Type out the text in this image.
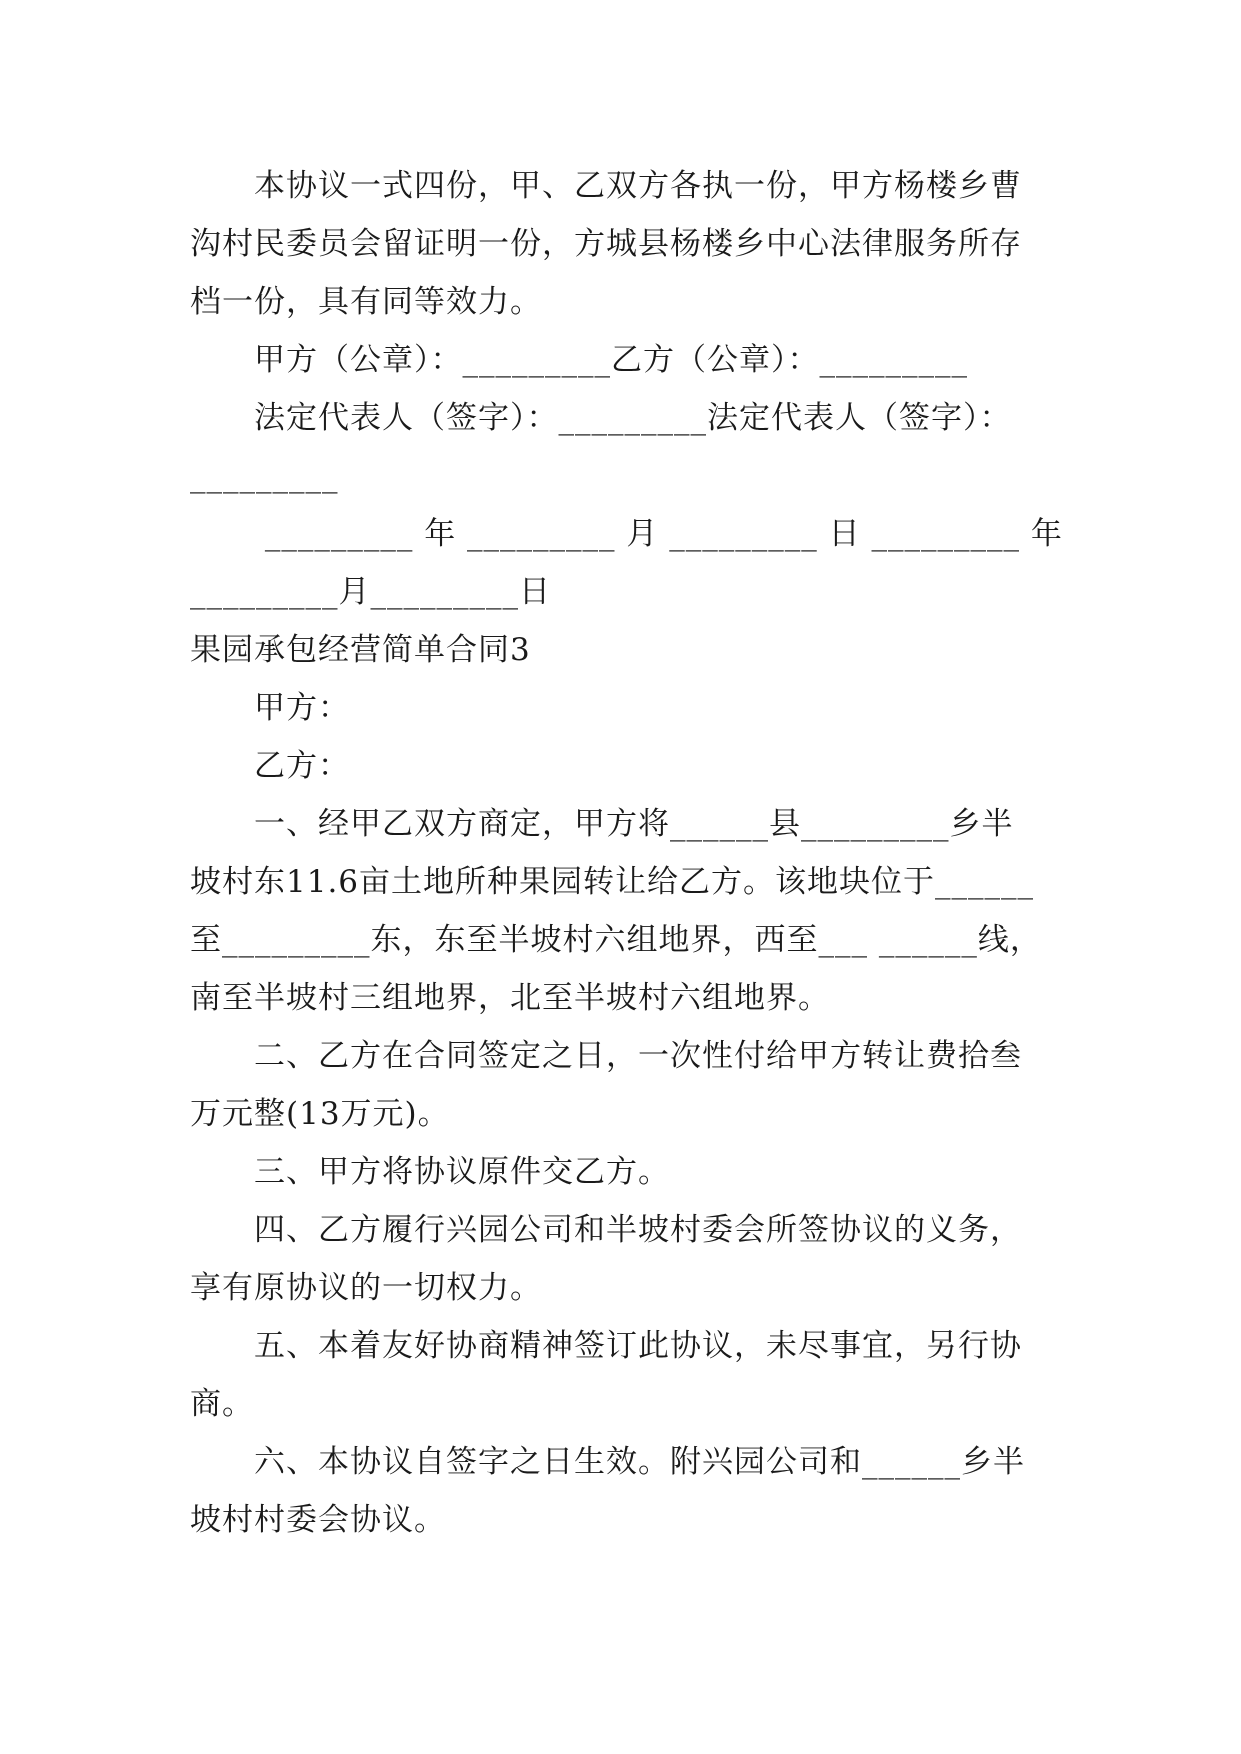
　　本协议一式四份，甲、乙双方各执一份，甲方杨楼乡曹
沟村民委员会留证明一份，方城县杨楼乡中心法律服务所存
档一份，具有同等效力。
　　甲方（公章）：_________乙方（公章）：_________
　　法定代表人（签字）：_________法定代表人（签字）：
_________
　　 _________ 年 _________ 月 _________ 日 _________ 年
_________月_________日
果园承包经营简单合同3
　　甲方：
　　乙方：
　　一、经甲乙双方商定，甲方将______县_________乡半
坡村东11.6亩土地所种果园转让给乙方。该地块位于______
至_________东，东至半坡村六组地界，西至___ ______线，
南至半坡村三组地界，北至半坡村六组地界。
　　二、乙方在合同签定之日，一次性付给甲方转让费拾叁
万元整(13万元)。
　　三、甲方将协议原件交乙方。
　　四、乙方履行兴园公司和半坡村委会所签协议的义务，
享有原协议的一切权力。
　　五、本着友好协商精神签订此协议，未尽事宜，另行协
商。
　　六、本协议自签字之日生效。附兴园公司和______乡半
坡村村委会协议。
